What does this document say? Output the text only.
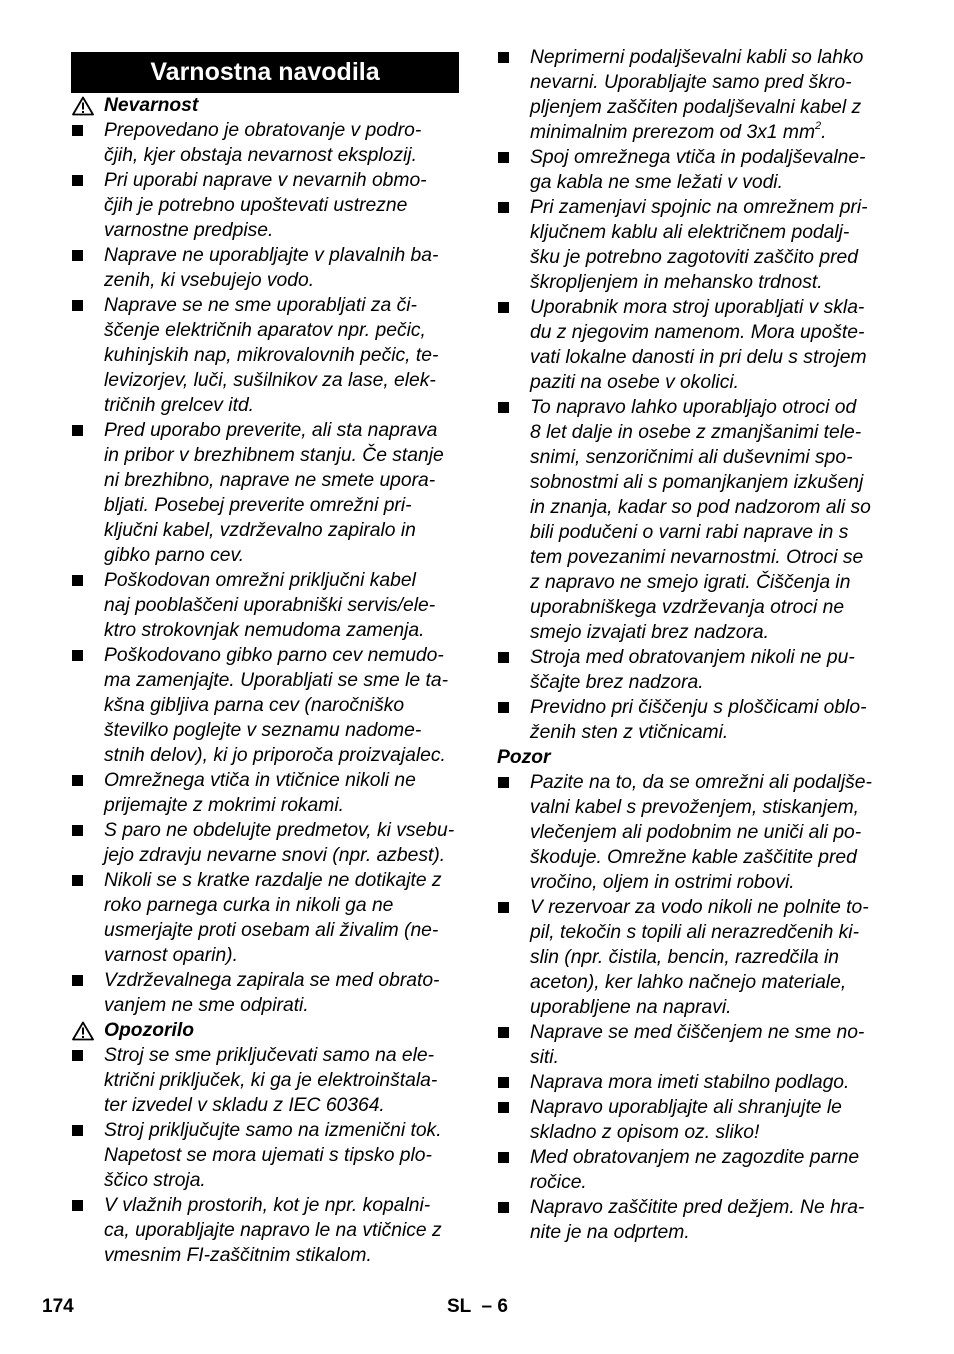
Varnostna navodila
Nevarnost
Prepovedano je obratovanje v podro-
čjih, kjer obstaja nevarnost eksplozij.
Pri uporabi naprave v nevarnih obmo-
čjih je potrebno upoštevati ustrezne
varnostne predpise.
Naprave ne uporabljajte v plavalnih ba-
zenih, ki vsebujejo vodo.
Naprave se ne sme uporabljati za či-
ščenje električnih aparatov npr. pečic,
kuhinjskih nap, mikrovalovnih pečic, te-
levizorjev, luči, sušilnikov za lase, elek-
tričnih grelcev itd.
Pred uporabo preverite, ali sta naprava
in pribor v brezhibnem stanju. Če stanje
ni brezhibno, naprave ne smete upora-
bljati. Posebej preverite omrežni pri-
ključni kabel, vzdrževalno zapiralo in
gibko parno cev.
Poškodovan omrežni priključni kabel
naj pooblaščeni uporabniški servis/ele-
ktro strokovnjak nemudoma zamenja.
Poškodovano gibko parno cev nemudo-
ma zamenjajte. Uporabljati se sme le ta-
kšna gibljiva parna cev (naročniško
številko poglejte v seznamu nadome-
stnih delov), ki jo priporoča proizvajalec.
Omrežnega vtiča in vtičnice nikoli ne
prijemajte z mokrimi rokami.
S paro ne obdelujte predmetov, ki vsebu-
jejo zdravju nevarne snovi (npr. azbest).
Nikoli se s kratke razdalje ne dotikajte z
roko parnega curka in nikoli ga ne
usmerjajte proti osebam ali živalim (ne-
varnost oparin).
Vzdrževalnega zapirala se med obrato-
vanjem ne sme odpirati.
Opozorilo
Stroj se sme priključevati samo na ele-
ktrični priključek, ki ga je elektroinštala-
ter izvedel v skladu z IEC 60364.
Stroj priključujte samo na izmenični tok.
Napetost se mora ujemati s tipsko plo-
ščico stroja.
V vlažnih prostorih, kot je npr. kopalni-
ca, uporabljajte napravo le na vtičnice z
vmesnim FI-zaščitnim stikalom.
Neprimerni podaljševalni kabli so lahko
nevarni. Uporabljajte samo pred škro-
pljenjem zaščiten podaljševalni kabel z
minimalnim prerezom od 3x1 $mm^2$.
Spoj omrežnega vtiča in podaljševalne-
ga kabla ne sme ležati v vodi.
Pri zamenjavi spojnic na omrežnem pri-
ključnem kablu ali električnem podalj-
šku je potrebno zagotoviti zaščito pred
škropljenjem in mehansko trdnost.
Uporabnik mora stroj uporabljati v skla-
du z njegovim namenom. Mora upošte-
vati lokalne danosti in pri delu s strojem
paziti na osebe v okolici.
To napravo lahko uporabljajo otroci od
8 let dalje in osebe z zmanjšanimi tele-
snimi, senzoričnimi ali duševnimi spo-
sobnostmi ali s pomanjkanjem izkušenj
in znanja, kadar so pod nadzorom ali so
bili podučeni o varni rabi naprave in s
tem povezanimi nevarnostmi. Otroci se
z napravo ne smejo igrati. Čiščenja in
uporabniškega vzdrževanja otroci ne
smejo izvajati brez nadzora.
Stroja med obratovanjem nikoli ne pu-
ščajte brez nadzora.
Previdno pri čiščenju s ploščicami oblo-
ženih sten z vtičnicami.
Pozor
Pazite na to, da se omrežni ali podaljše-
valni kabel s prevoženjem, stiskanjem,
vlečenjem ali podobnim ne uniči ali po-
škoduje. Omrežne kable zaščitite pred
vročino, oljem in ostrimi robovi.
V rezervoar za vodo nikoli ne polnite to-
pil, tekočin s topili ali nerazredčenih ki-
slin (npr. čistila, bencin, razredčila in
aceton), ker lahko načnejo materiale,
uporabljene na napravi.
Naprave se med čiščenjem ne sme no-
siti.
Naprava mora imeti stabilno podlago.
Napravo uporabljajte ali shranjujte le
skladno z opisom oz. sliko!
Med obratovanjem ne zagozdite parne
ročice.
Napravo zaščitite pred dežjem. Ne hra-
nite je na odprtem.
174	SL  – 6
